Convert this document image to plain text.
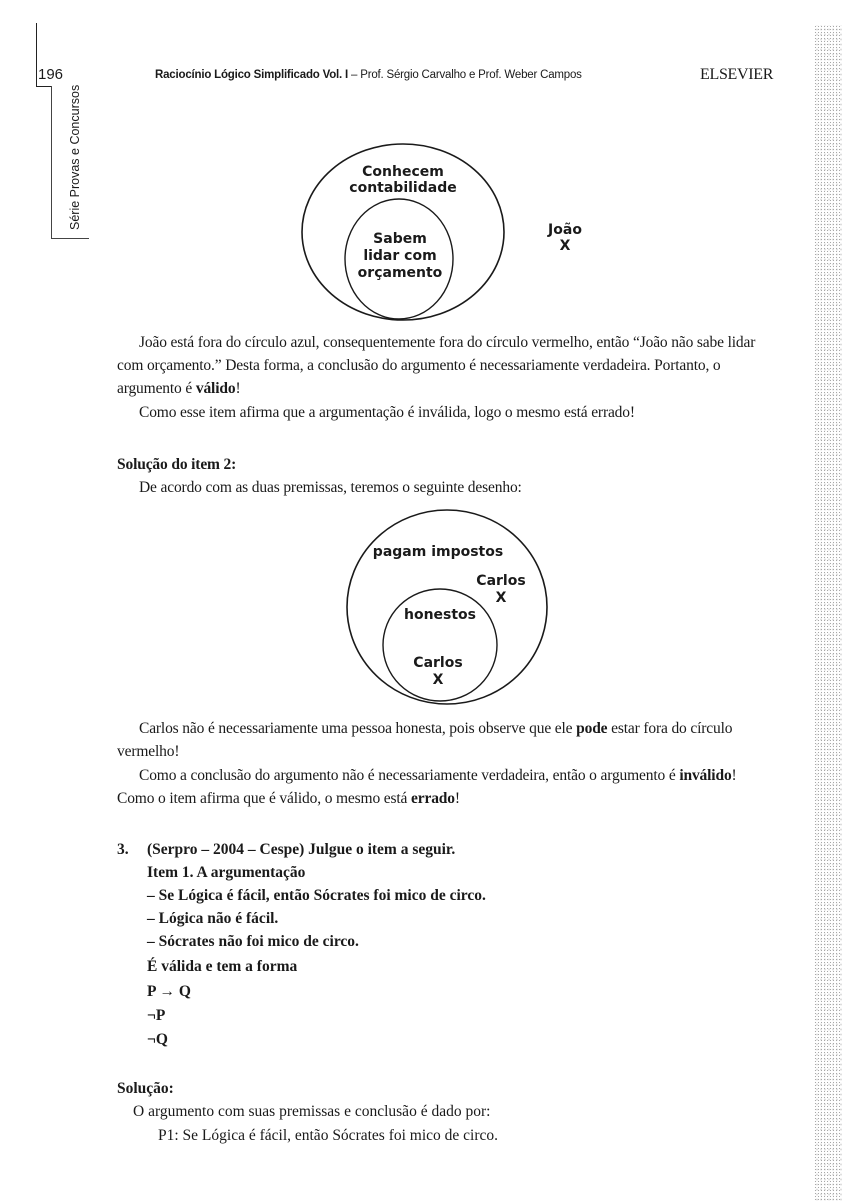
196
Série Provas e Concursos
Raciocínio Lógico Simplificado Vol. I – Prof. Sérgio Carvalho e Prof. Weber Campos	ELSEVIER
Conhecem
contabilidade
Sabem
lidar com
orçamento
João
X

João está fora do círculo azul, consequentemente fora do círculo vermelho, então “João não sabe lidar com orçamento.” Desta forma, a conclusão do argumento é necessariamente verdadeira. Portanto, o argumento é válido!

Como esse item afirma que a argumentação é inválida, logo o mesmo está errado!

Solução do item 2:

De acordo com as duas premissas, teremos o seguinte desenho:

pagam impostos
Carlos
X
honestos
Carlos
X

Carlos não é necessariamente uma pessoa honesta, pois observe que ele pode estar fora do círculo vermelho!

Como a conclusão do argumento não é necessariamente verdadeira, então o argumento é inválido! Como o item afirma que é válido, o mesmo está errado!

3. (Serpro – 2004 – Cespe) Julgue o item a seguir.
Item 1. A argumentação
– Se Lógica é fácil, então Sócrates foi mico de circo.
– Lógica não é fácil.
– Sócrates não foi mico de circo.
É válida e tem a forma
P → Q
¬P
¬Q
Solução:
O argumento com suas premissas e conclusão é dado por:
P1: Se Lógica é fácil, então Sócrates foi mico de circo.
